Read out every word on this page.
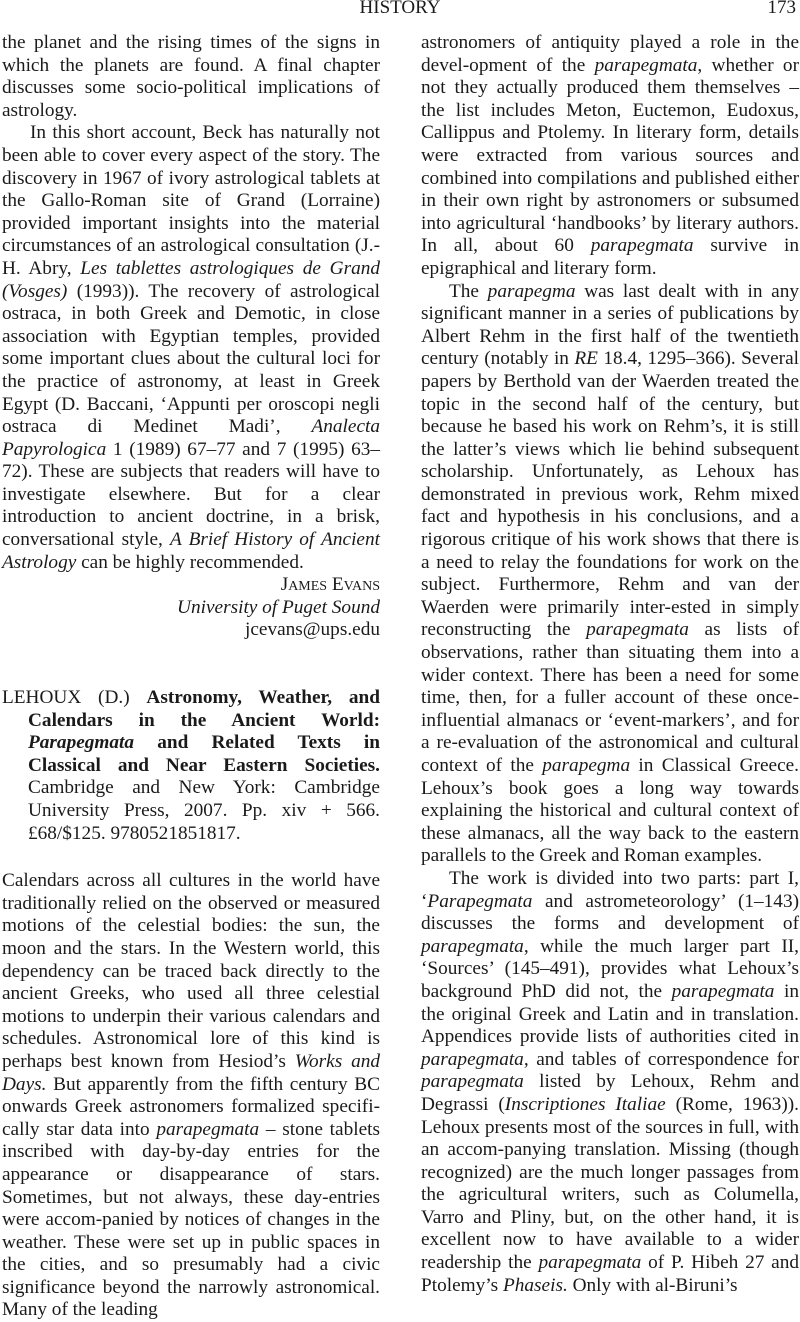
HISTORY	173

the planet and the rising times of the signs in which the planets are found. A final chapter discusses some socio-political implications of astrology.

In this short account, Beck has naturally not been able to cover every aspect of the story. The discovery in 1967 of ivory astrological tablets at the Gallo-Roman site of Grand (Lorraine) provided important insights into the material circumstances of an astrological consultation (J.-H. Abry, Les tablettes astrologiques de Grand (Vosges) (1993)). The recovery of astrological ostraca, in both Greek and Demotic, in close association with Egyptian temples, provided some important clues about the cultural loci for the practice of astronomy, at least in Greek Egypt (D. Baccani, ‘Appunti per oroscopi negli ostraca di Medinet Madi’, Analecta Papyrologica 1 (1989) 67–77 and 7 (1995) 63–72). These are subjects that readers will have to investigate elsewhere. But for a clear introduction to ancient doctrine, in a brisk, conversational style, A Brief History of Ancient Astrology can be highly recommended.

James Evans
University of Puget Sound
jcevans@ups.edu

LEHOUX (D.) Astronomy, Weather, and Calendars in the Ancient World: Parapegmata and Related Texts in Classical and Near Eastern Societies. Cambridge and New York: Cambridge University Press, 2007. Pp. xiv + 566. £68/$125. 9780521851817.

Calendars across all cultures in the world have traditionally relied on the observed or measured motions of the celestial bodies: the sun, the moon and the stars. In the Western world, this dependency can be traced back directly to the ancient Greeks, who used all three celestial motions to underpin their various calendars and schedules. Astronomical lore of this kind is perhaps best known from Hesiod’s Works and Days. But apparently from the fifth century BC onwards Greek astronomers formalized specifi-cally star data into parapegmata – stone tablets inscribed with day-by-day entries for the appearance or disappearance of stars. Sometimes, but not always, these day-entries were accom-panied by notices of changes in the weather. These were set up in public spaces in the cities, and so presumably had a civic significance beyond the narrowly astronomical. Many of the leading

astronomers of antiquity played a role in the devel-opment of the parapegmata, whether or not they actually produced them themselves – the list includes Meton, Euctemon, Eudoxus, Callippus and Ptolemy. In literary form, details were extracted from various sources and combined into compilations and published either in their own right by astronomers or subsumed into agricultural ‘handbooks’ by literary authors. In all, about 60 parapegmata survive in epigraphical and literary form.

The parapegma was last dealt with in any significant manner in a series of publications by Albert Rehm in the first half of the twentieth century (notably in RE 18.4, 1295–366). Several papers by Berthold van der Waerden treated the topic in the second half of the century, but because he based his work on Rehm’s, it is still the latter’s views which lie behind subsequent scholarship. Unfortunately, as Lehoux has demonstrated in previous work, Rehm mixed fact and hypothesis in his conclusions, and a rigorous critique of his work shows that there is a need to relay the foundations for work on the subject. Furthermore, Rehm and van der Waerden were primarily inter-ested in simply reconstructing the parapegmata as lists of observations, rather than situating them into a wider context. There has been a need for some time, then, for a fuller account of these once-influential almanacs or ‘event-markers’, and for a re-evaluation of the astronomical and cultural context of the parapegma in Classical Greece. Lehoux’s book goes a long way towards explaining the historical and cultural context of these almanacs, all the way back to the eastern parallels to the Greek and Roman examples.

The work is divided into two parts: part I, ‘Parapegmata and astrometeorology’ (1–143) discusses the forms and development of parapegmata, while the much larger part II, ‘Sources’ (145–491), provides what Lehoux’s background PhD did not, the parapegmata in the original Greek and Latin and in translation. Appendices provide lists of authorities cited in parapegmata, and tables of correspondence for parapegmata listed by Lehoux, Rehm and Degrassi (Inscriptiones Italiae (Rome, 1963)). Lehoux presents most of the sources in full, with an accom-panying translation. Missing (though recognized) are the much longer passages from the agricultural writers, such as Columella, Varro and Pliny, but, on the other hand, it is excellent now to have available to a wider readership the parapegmata of P. Hibeh 27 and Ptolemy’s Phaseis. Only with al-Biruni’s
